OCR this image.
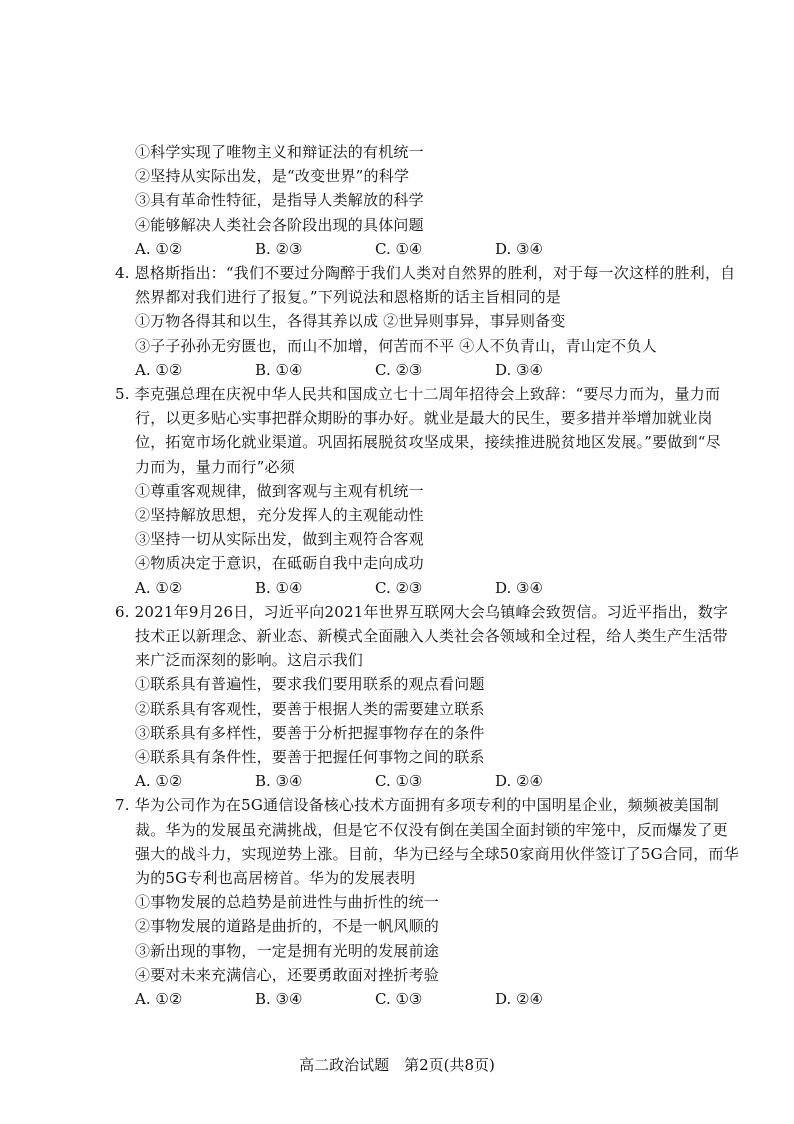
①科学实现了唯物主义和辩证法的有机统一
②坚持从实际出发，是“改变世界”的科学
③具有革命性特征，是指导人类解放的科学
④能够解决人类社会各阶段出现的具体问题
A. ①②	B. ②③	C. ①④	D. ③④
4. 恩格斯指出：“我们不要过分陶醉于我们人类对自然界的胜利，对于每一次这样的胜利，自
然界都对我们进行了报复。”下列说法和恩格斯的话主旨相同的是
①万物各得其和以生，各得其养以成 ②世异则事异，事异则备变
③子子孙孙无穷匮也，而山不加增，何苦而不平 ④人不负青山，青山定不负人
A. ①②	B. ①④	C. ②③	D. ③④
5. 李克强总理在庆祝中华人民共和国成立七十二周年招待会上致辞：“要尽力而为，量力而
行，以更多贴心实事把群众期盼的事办好。就业是最大的民生，要多措并举增加就业岗
位，拓宽市场化就业渠道。巩固拓展脱贫攻坚成果，接续推进脱贫地区发展。”要做到“尽
力而为，量力而行”必须
①尊重客观规律，做到客观与主观有机统一
②坚持解放思想，充分发挥人的主观能动性
③坚持一切从实际出发，做到主观符合客观
④物质决定于意识，在砥砺自我中走向成功
A. ①②	B. ①④	C. ②③	D. ③④
6. 2021年9月26日，习近平向2021年世界互联网大会乌镇峰会致贺信。习近平指出，数字
技术正以新理念、新业态、新模式全面融入人类社会各领域和全过程，给人类生产生活带
来广泛而深刻的影响。这启示我们
①联系具有普遍性，要求我们要用联系的观点看问题
②联系具有客观性，要善于根据人类的需要建立联系
③联系具有多样性，要善于分析把握事物存在的条件
④联系具有条件性，要善于把握任何事物之间的联系
A. ①②	B. ③④	C. ①③	D. ②④
7. 华为公司作为在5G通信设备核心技术方面拥有多项专利的中国明星企业，频频被美国制
裁。华为的发展虽充满挑战，但是它不仅没有倒在美国全面封锁的牢笼中，反而爆发了更
强大的战斗力，实现逆势上涨。目前，华为已经与全球50家商用伙伴签订了5G合同，而华
为的5G专利也高居榜首。华为的发展表明
①事物发展的总趋势是前进性与曲折性的统一
②事物发展的道路是曲折的，不是一帆风顺的
③新出现的事物，一定是拥有光明的发展前途
④要对未来充满信心，还要勇敢面对挫折考验
A. ①②	B. ③④	C. ①③	D. ②④
高二政治试题　第2页(共8页)
